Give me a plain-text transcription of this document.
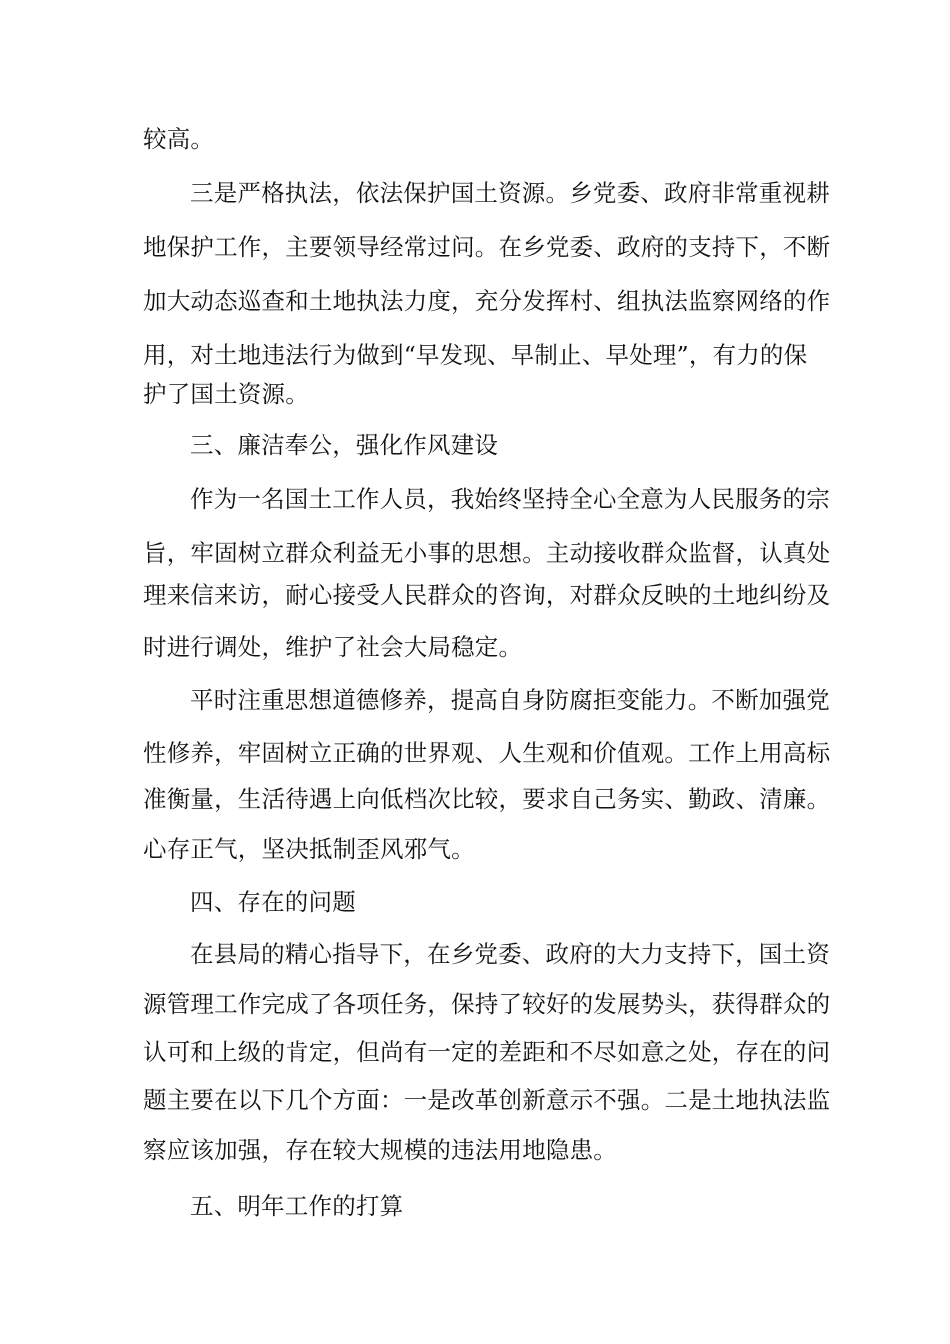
较高。
三是严格执法，依法保护国土资源。乡党委、政府非常重视耕
地保护工作，主要领导经常过问。在乡党委、政府的支持下，不断
加大动态巡查和土地执法力度，充分发挥村、组执法监察网络的作
用，对土地违法行为做到“早发现、早制止、早处理”，有力的保
护了国土资源。
三、廉洁奉公，强化作风建设
作为一名国土工作人员，我始终坚持全心全意为人民服务的宗
旨，牢固树立群众利益无小事的思想。主动接收群众监督，认真处
理来信来访，耐心接受人民群众的咨询，对群众反映的土地纠纷及
时进行调处，维护了社会大局稳定。
平时注重思想道德修养，提高自身防腐拒变能力。不断加强党
性修养，牢固树立正确的世界观、人生观和价值观。工作上用高标
准衡量，生活待遇上向低档次比较，要求自己务实、勤政、清廉。
心存正气，坚决抵制歪风邪气。
四、存在的问题
在县局的精心指导下，在乡党委、政府的大力支持下，国土资
源管理工作完成了各项任务，保持了较好的发展势头，获得群众的
认可和上级的肯定，但尚有一定的差距和不尽如意之处，存在的问
题主要在以下几个方面：一是改革创新意示不强。二是土地执法监
察应该加强，存在较大规模的违法用地隐患。
五、明年工作的打算
